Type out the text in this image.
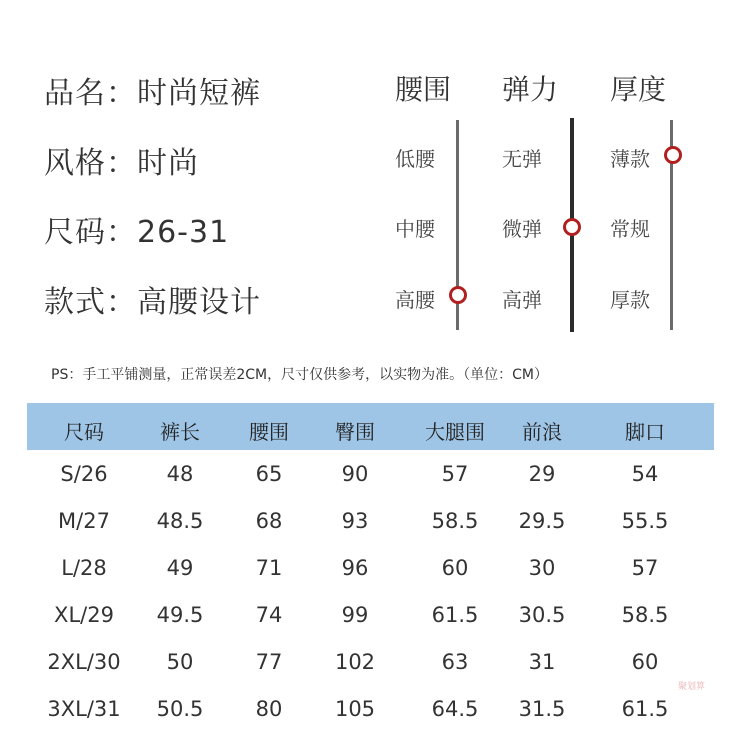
品名：时尚短裤
风格：时尚
尺码：26-31
款式：高腰设计
腰围
低腰
中腰
高腰
弹力
无弹
微弹
高弹
厚度
薄款
常规
厚款
PS：手工平铺测量，正常误差2CM，尺寸仅供参考，以实物为准。（单位：CM）
尺码	裤长 腰围 臀围	大腿围 前浪	脚口
S/26	48	65	90	57	29	54
M/27 48.5 68	93	58.5 29.5	55.5
L/28	49	71	96	60	30	57
XL/29 49.5 74	99	61.5 30.5	58.5
2XL/30 50	77	102	63	31	60
3XL/31 50.5 80	105	64.5 31.5	61.5
聚划算
